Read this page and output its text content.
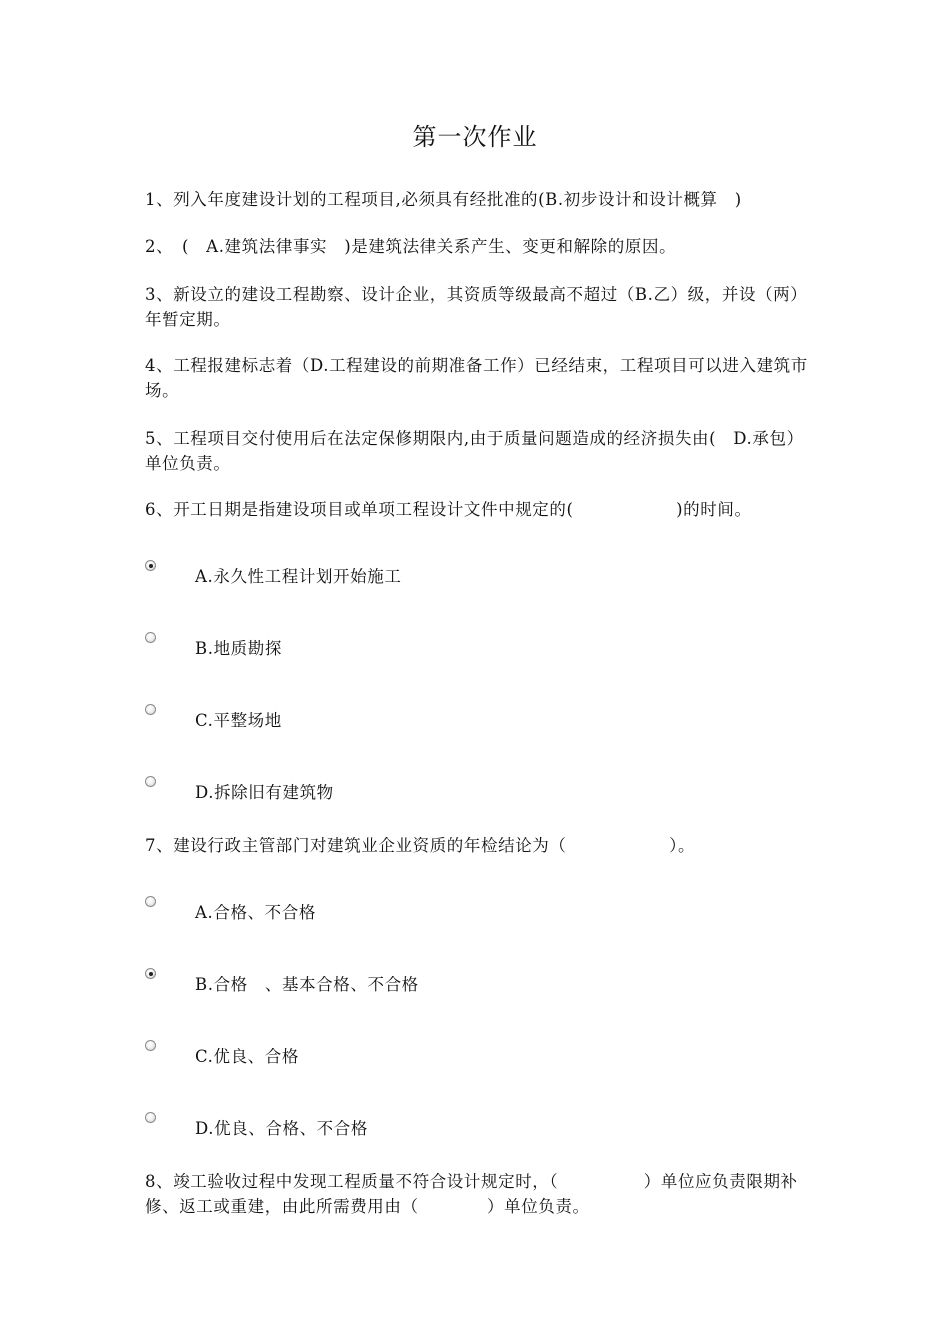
第一次作业
1、列入年度建设计划的工程项目,必须具有经批准的(B.初步设计和设计概算　)
2、　(　A.建筑法律事实　)是建筑法律关系产生、变更和解除的原因。
3、新设立的建设工程勘察、设计企业，其资质等级最高不超过（B.乙）级，并设（两）年暂定期。
4、工程报建标志着（D.工程建设的前期准备工作）已经结束，工程项目可以进入建筑市场。
5、工程项目交付使用后在法定保修期限内,由于质量问题造成的经济损失由(　D.承包）单位负责。
6、开工日期是指建设项目或单项工程设计文件中规定的(　　　　　　)的时间。
A.永久性工程计划开始施工
B.地质勘探
C.平整场地
D.拆除旧有建筑物
7、建设行政主管部门对建筑业企业资质的年检结论为（　　　　　　）。
A.合格、不合格
B.合格　、基本合格、不合格
C.优良、合格
D.优良、合格、不合格
8、竣工验收过程中发现工程质量不符合设计规定时，（　　　　　）单位应负责限期补修、返工或重建，由此所需费用由（　　　　）单位负责。
